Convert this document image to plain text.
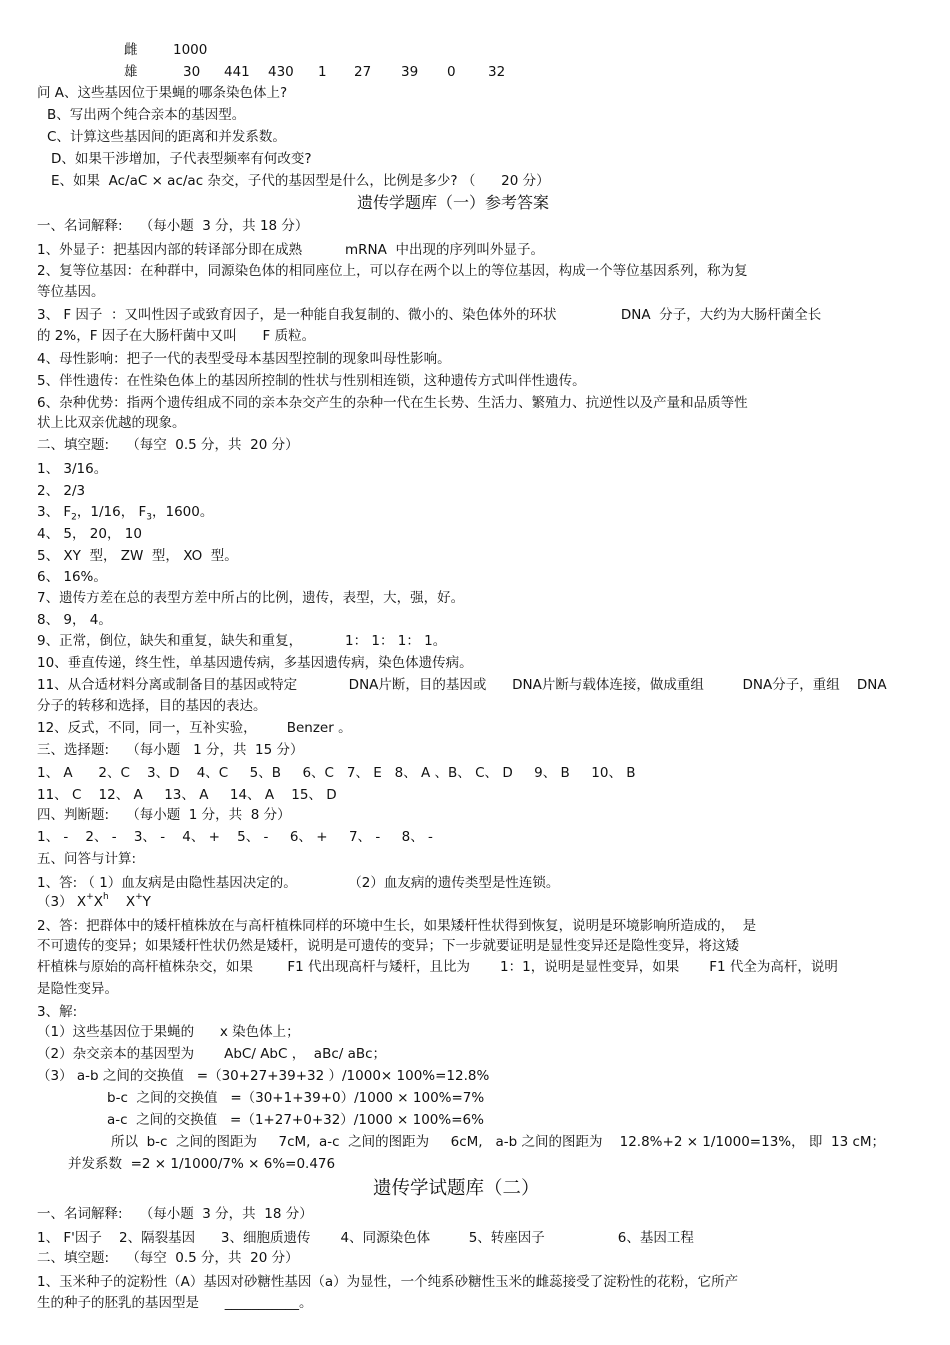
雌	1000
雄	30 441 430 1 27 39 0 32
问 A、这些基因位于果蝇的哪条染色体上?
B、写出两个纯合亲本的基因型。
C、计算这些基因间的距离和并发系数。
D、如果干涉增加，子代表型频率有何改变?
E、如果  Ac/aC × ac/ac 杂交，子代的基因型是什么，比例是多少? （      20 分）
遗传学题库（一）参考答案
一、名词解释:    （每小题  3 分，共 18 分）
1、外显子：把基因内部的转译部分即在成熟          mRNA  中出现的序列叫外显子。
2、复等位基因：在种群中，同源染色体的相同座位上，可以存在两个以上的等位基因，构成一个等位基因系列，称为复
等位基因。
3、 F 因子  ：又叫性因子或致育因子，是一种能自我复制的、微小的、染色体外的环状               DNA  分子，大约为大肠杆菌全长
的 2%，F 因子在大肠杆菌中又叫      F 质粒。
4、母性影响：把子一代的表型受母本基因型控制的现象叫母性影响。
5、伴性遗传：在性染色体上的基因所控制的性状与性别相连锁，这种遗传方式叫伴性遗传。
6、杂种优势：指两个遗传组成不同的亲本杂交产生的杂种一代在生长势、生活力、繁殖力、抗逆性以及产量和品质等性
状上比双亲优越的现象。
二、填空题:    （每空  0.5 分，共  20 分）
1、 3/16。
2、 2/3
3、 $F_2$，1/16， $F_3$，1600。
4、 5， 20， 10
5、 XY  型， ZW  型， XO  型。
6、 16%。
7、遗传方差在总的表型方差中所占的比例，遗传，表型，大，强，好。
8、 9， 4。
9、正常，倒位，缺失和重复，缺失和重复，          1： 1： 1： 1。
10、垂直传递，终生性，单基因遗传病，多基因遗传病，染色体遗传病。
11、从合适材料分离或制备目的基因或特定            DNA片断，目的基因或      DNA片断与载体连接，做成重组         DNA分子，重组    DNA
分子的转移和选择，目的基因的表达。
12、反式，不同，同一，互补实验，       Benzer 。
三、选择题:    （每小题   1 分，共  15 分）
1、 A      2、C    3、D    4、C     5、B     6、C   7、 E   8、 A 、B、 C、 D     9、 B     10、 B
11、 C    12、 A     13、 A     14、 A    15、 D
四、判断题:    （每小题  1 分，共  8 分）
1、 -    2、 -    3、 -    4、 +    5、 -     6、 +     7、 -     8、 -
五、问答与计算:
1、答: （ 1）血友病是由隐性基因决定的。            （2）血友病的遗传类型是性连锁。
（3） $X^+X^h$    X+Y
2、答：把群体中的矮杆植株放在与高杆植株同样的环境中生长，如果矮杆性状得到恢复，说明是环境影响所造成的，  是
不可遗传的变异；如果矮杆性状仍然是矮杆，说明是可遗传的变异；下一步就要证明是显性变异还是隐性变异，将这矮
杆植株与原始的高杆植株杂交，如果        F1 代出现高杆与矮杆，且比为       1：1，说明是显性变异，如果       F1 代全为高杆，说明
是隐性变异。
3、解:
（1）这些基因位于果蝇的      x 染色体上；
（2）杂交亲本的基因型为       AbC/ AbC ，  aBc/ aBc；
（3） a-b 之间的交换值   =（30+27+39+32 ）/1000× 100%=12.8%
b-c  之间的交换值   =（30+1+39+0）/1000 × 100%=7%
a-c  之间的交换值   =（1+27+0+32）/1000 × 100%=6%
所以  b-c  之间的图距为     7cM,  a-c  之间的图距为     6cM,   a-b 之间的图距为    12.8%+2 × 1/1000=13%， 即  13 cM；
并发系数  =2 × 1/1000/7% × 6%=0.476
遗传学试题库（二）
一、名词解释:    （每小题  3 分，共  18 分）
1、 F'因子    2、隔裂基因      3、细胞质遗传       4、同源染色体         5、转座因子                 6、基因工程
二、填空题:    （每空  0.5 分，共  20 分）
1、玉米种子的淀粉性（A）基因对砂糖性基因（a）为显性，一个纯系砂糖性玉米的雌蕊接受了淀粉性的花粉，它所产
生的种子的胚乳的基因型是      ___________。
